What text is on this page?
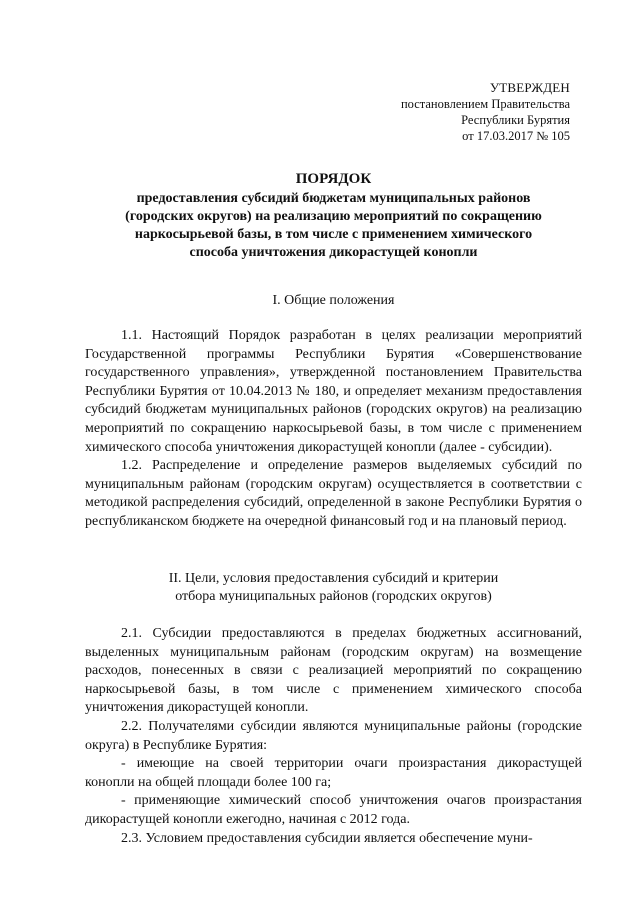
УТВЕРЖДЕН
постановлением Правительства
Республики Бурятия
от 17.03.2017 № 105
ПОРЯДОК
предоставления субсидий бюджетам муниципальных районов
(городских округов) на реализацию мероприятий по сокращению
наркосырьевой базы, в том числе с применением химического
способа уничтожения дикорастущей конопли
I. Общие положения

1.1. Настоящий Порядок разработан в целях реализации мероприятий Государственной программы Республики Бурятия «Совершенствование государственного управления», утвержденной постановлением Правительства Республики Бурятия от 10.04.2013 № 180, и определяет механизм предоставления субсидий бюджетам муниципальных районов (городских округов) на реализацию мероприятий по сокращению наркосырьевой базы, в том числе с применением химического способа уничтожения дикорастущей конопли (далее - субсидии).

1.2. Распределение и определение размеров выделяемых субсидий по муниципальным районам (городским округам) осуществляется в соответствии с методикой распределения субсидий, определенной в законе Республики Бурятия о республиканском бюджете на очередной финансовый год и на плановый период.

II. Цели, условия предоставления субсидий и критерии
отбора муниципальных районов (городских округов)

2.1. Субсидии предоставляются в пределах бюджетных ассигнований, выделенных муниципальным районам (городским округам) на возмещение расходов, понесенных в связи с реализацией мероприятий по сокращению наркосырьевой базы, в том числе с применением химического способа уничтожения дикорастущей конопли.

2.2. Получателями субсидии являются муниципальные районы (городские округа) в Республике Бурятия:

- имеющие на своей территории очаги произрастания дикорастущей конопли на общей площади более 100 га;

- применяющие химический способ уничтожения очагов произрастания дикорастущей конопли ежегодно, начиная с 2012 года.

2.3. Условием предоставления субсидии является обеспечение муни-
